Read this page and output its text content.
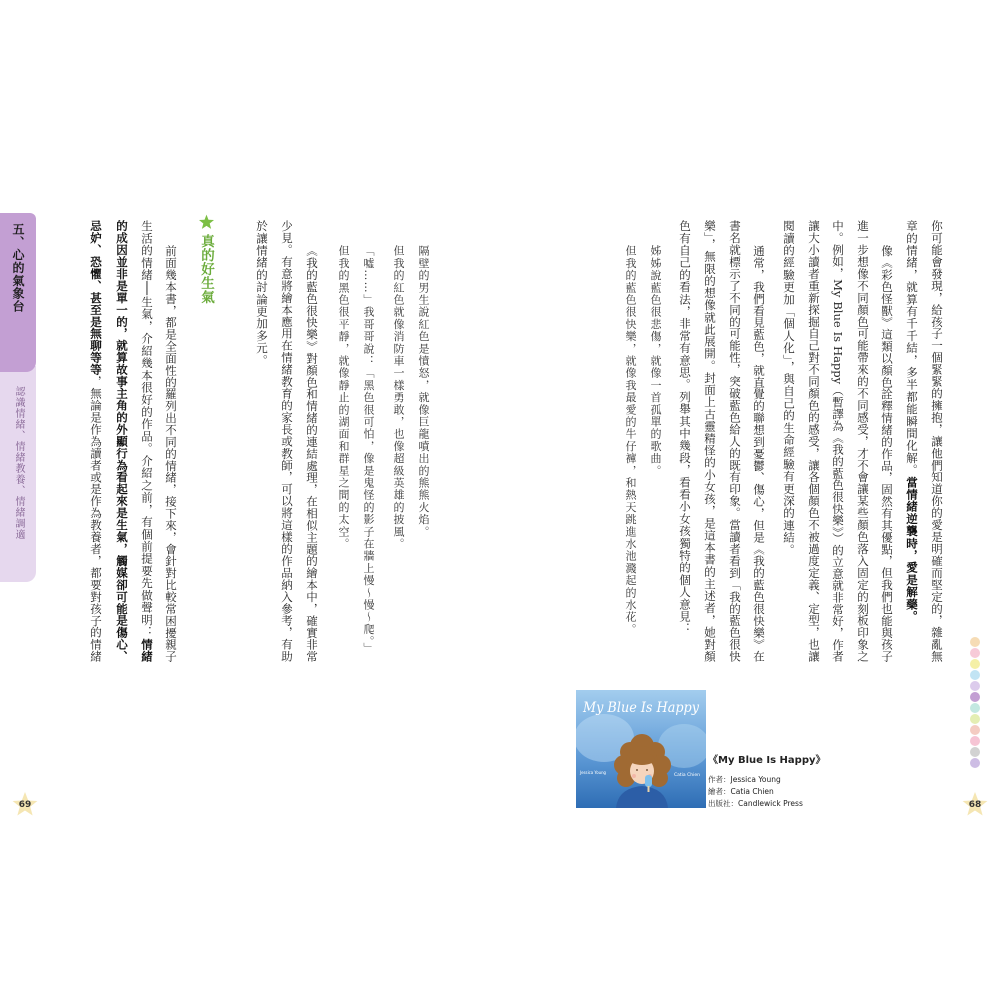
五、心的氣象台
認識情緒、情緒教養、情緒調適	你可能會發現，給孩子一個緊緊的擁抱，讓他們知道你的愛是明確而堅定的，雜亂無
章的情緒，就算有千千結，多半都能瞬間化解。當情緒逆襲時，愛是解藥。
像《彩色怪獸》這類以顏色詮釋情緒的作品，固然有其優點，但我們也能與孩子
進一步想像不同顏色可能帶來的不同感受，才不會讓某些顏色落入固定的刻板印象之
中。例如，My Blue Is Happy（暫譯為《我的藍色很快樂》）的立意就非常好，作者
讓大小讀者重新探掘自己對不同顏色的感受，讓各個顏色不被過度定義、定型，也讓
閱讀的經驗更加「個人化」，與自己的生命經驗有更深的連結。
通常，我們看見藍色，就直覺的聯想到憂鬱、傷心，但是《我的藍色很快樂》在
書名就標示了不同的可能性，突破藍色給人的既有印象。當讀者看到「我的藍色很快
樂」，無限的想像就此展開。封面上古靈精怪的小女孩，是這本書的主述者，她對顏
色有自己的看法，非常有意思。列舉其中幾段，看看小女孩獨特的個人意見：
姊姊說藍色很悲傷，就像一首孤單的歌曲。
但我的藍色很快樂，就像我最愛的牛仔褲，和熱天跳進水池濺起的水花。
My Blue Is Happy
Jessica Young	Catia Chien
《My Blue Is Happy》
作者：Jessica Young
繪者：Catia Chien
出版社：Candlewick Press
隔壁的男生說紅色是憤怒，就像巨龍噴出的熊熊火焰。
但我的紅色就像消防車一樣勇敢，也像超級英雄的披風。
「噓……」我哥哥說：「黑色很可怕，像是鬼怪的影子在牆上慢～慢～爬。」
但我的黑色很平靜，就像靜止的湖面和群星之間的太空。
《我的藍色很快樂》對顏色和情緒的連結處理，在相似主題的繪本中，確實非常
少見。有意將繪本應用在情緒教育的家長或教師，可以將這樣的作品納入參考，有助
於讓情緒的討論更加多元。
真的好生氣
前面幾本書，都是全面性的羅列出不同的情緒，接下來，會針對比較常困擾親子
生活的情緒──生氣，介紹幾本很好的作品。介紹之前，有個前提要先做聲明：情緒
的成因並非是單一的，就算故事主角的外顯行為看起來是生氣，觸媒卻可能是傷心、
忌妒、恐懼、甚至是無聊等等，無論是作為讀者或是作為教養者，都要對孩子的情緒
69	68
